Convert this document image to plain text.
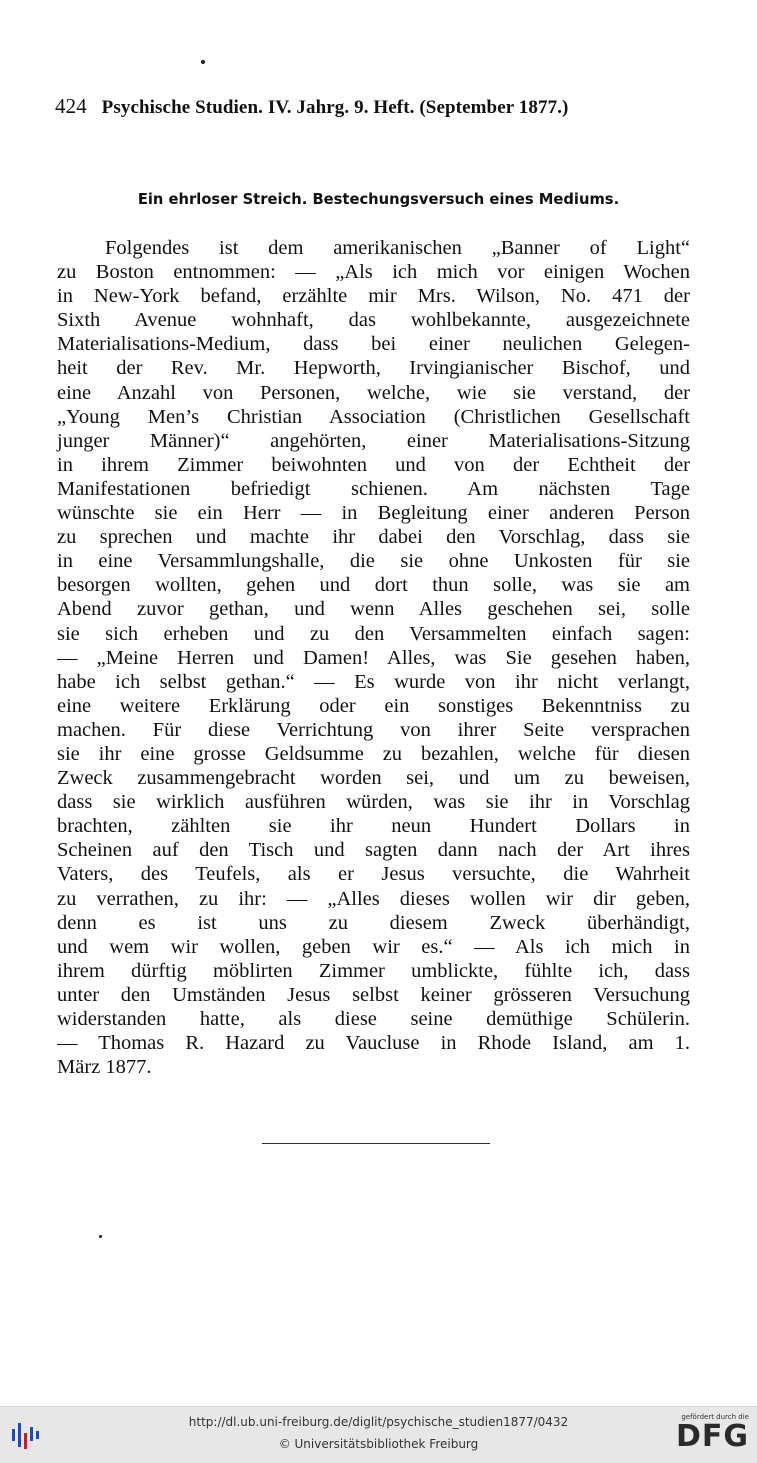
424 Psychische Studien. IV. Jahrg. 9. Heft. (September 1877.)
Ein ehrloser Streich. Bestechungsversuch eines Mediums.
Folgendes ist dem amerikanischen „Banner of Light“
zu Boston entnommen: — „Als ich mich vor einigen Wochen
in New-York befand, erzählte mir Mrs. Wilson, No. 471 der
Sixth Avenue wohnhaft, das wohlbekannte, ausgezeichnete
Materialisations-Medium, dass bei einer neulichen Gelegen-
heit der Rev. Mr. Hepworth, Irvingianischer Bischof, und
eine Anzahl von Personen, welche, wie sie verstand, der
„Young Men’s Christian Association (Christlichen Gesellschaft
junger Männer)“ angehörten, einer Materialisations-Sitzung
in ihrem Zimmer beiwohnten und von der Echtheit der
Manifestationen befriedigt schienen. Am nächsten Tage
wünschte sie ein Herr — in Begleitung einer anderen Person
zu sprechen und machte ihr dabei den Vorschlag, dass sie
in eine Versammlungshalle, die sie ohne Unkosten für sie
besorgen wollten, gehen und dort thun solle, was sie am
Abend zuvor gethan, und wenn Alles geschehen sei, solle
sie sich erheben und zu den Versammelten einfach sagen:
— „Meine Herren und Damen! Alles, was Sie gesehen haben,
habe ich selbst gethan.“ — Es wurde von ihr nicht verlangt,
eine weitere Erklärung oder ein sonstiges Bekenntniss zu
machen. Für diese Verrichtung von ihrer Seite versprachen
sie ihr eine grosse Geldsumme zu bezahlen, welche für diesen
Zweck zusammengebracht worden sei, und um zu beweisen,
dass sie wirklich ausführen würden, was sie ihr in Vorschlag
brachten, zählten sie ihr neun Hundert Dollars in
Scheinen auf den Tisch und sagten dann nach der Art ihres
Vaters, des Teufels, als er Jesus versuchte, die Wahrheit
zu verrathen, zu ihr: — „Alles dieses wollen wir dir geben,
denn es ist uns zu diesem Zweck überhändigt,
und wem wir wollen, geben wir es.“ — Als ich mich in
ihrem dürftig möblirten Zimmer umblickte, fühlte ich, dass
unter den Umständen Jesus selbst keiner grösseren Versuchung
widerstanden hatte, als diese seine demüthige Schülerin.
— Thomas R. Hazard zu Vaucluse in Rhode Island, am 1.
März 1877.
http://dl.ub.uni-freiburg.de/diglit/psychische_studien1877/0432
© Universitätsbibliothek Freiburg
gefördert durch die
DFG
